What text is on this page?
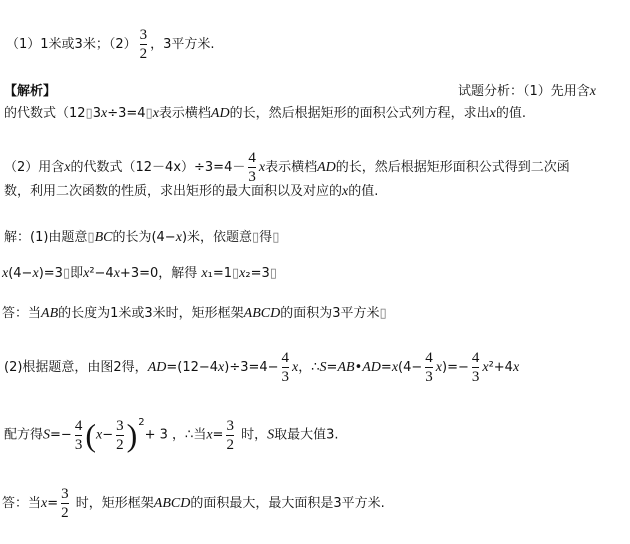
（1）1米或3米；$(2) \frac{3}{2}$ ，3平方米.
【解析】	试题分析：（1）先用含x
的代数式（12▯3x÷3=4▯x表示横档AD的长，然后根据矩形的面积公式列方程，求出x的值.
（2）用含x的代数式$(12-4x)\div 3=4- \frac{4}{3}$ x表示横档AD的长，然后根据矩形面积公式得到二次函
数，利用二次函数的性质，求出矩形的最大面积以及对应的x的值.
解：(1)由题意▯BC的长为(4−x)米，依题意▯得▯
x(4−x)=3▯即x²−4x+3=0，解得 x₁=1▯x₂=3▯
答：当AB的长度为1米或3米时，矩形框架ABCD的面积为3平方米▯
(2)根据题意，由图2得，$AD=(12-4x)\div 3=4- \frac{4}{3}$ x，∴S=AB•AD=x(4− $\frac{4}{3} x)=- \frac{4}{3} x^2+4x$
配方得$S=- \frac{4}{3} (x- \frac{3}{2} )^2+ 3$ ，∴当$x= \frac{3}{2}$ 时，S取最大值3.
答：当$x= \frac{3}{2}$ 时，矩形框架ABCD的面积最大，最大面积是3平方米.
